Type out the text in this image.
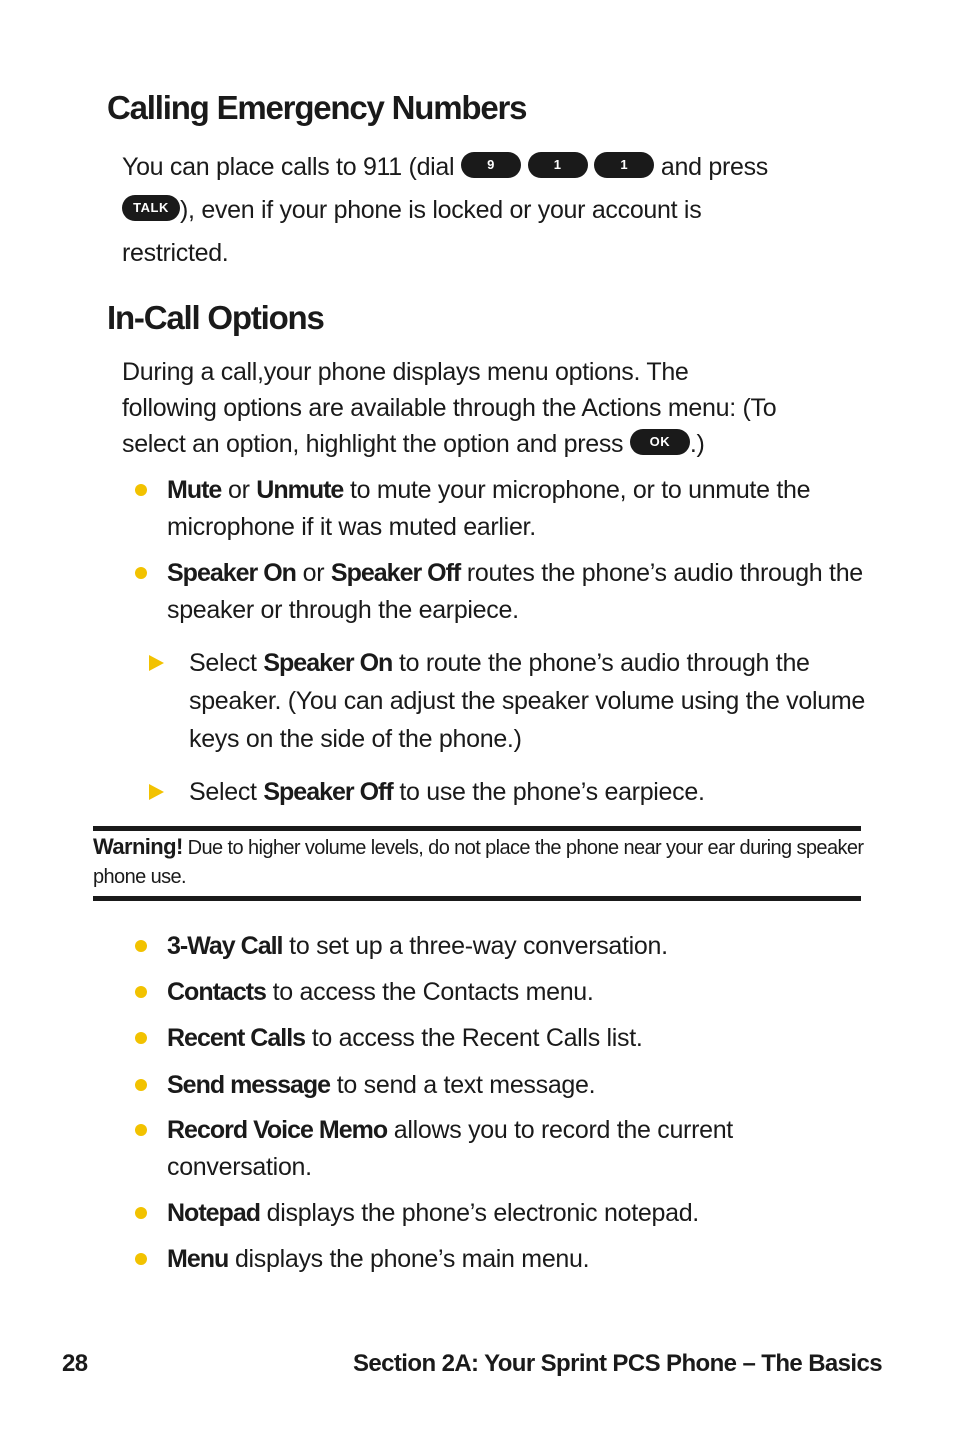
Calling Emergency Numbers

You can place calls to 911 (dial	9	1	1 and press
TALK ), even if your phone is locked or your account is
restricted.

In-Call Options

During a call,your phone displays menu options. The
following options are available through the Actions menu: (To
select an option, highlight the option and press OK .)

Mute or Unmute to mute your microphone, or to unmute the microphone if it was muted earlier.
Speaker On or Speaker Off routes the phone’s audio through the speaker or through the earpiece.
Select Speaker On to route the phone’s audio through the speaker. (You can adjust the speaker volume using the volume keys on the side of the phone.)
Select Speaker Off to use the phone’s earpiece.
Warning! Due to higher volume levels, do not place the phone near your ear during speaker phone use.
3-Way Call to set up a three-way conversation.
Contacts to access the Contacts menu.
Recent Calls to access the Recent Calls list.
Send message to send a text message.
Record Voice Memo allows you to record the current conversation.
Notepad displays the phone’s electronic notepad.
Menu displays the phone’s main menu.
28	Section 2A: Your Sprint PCS Phone – The Basics
